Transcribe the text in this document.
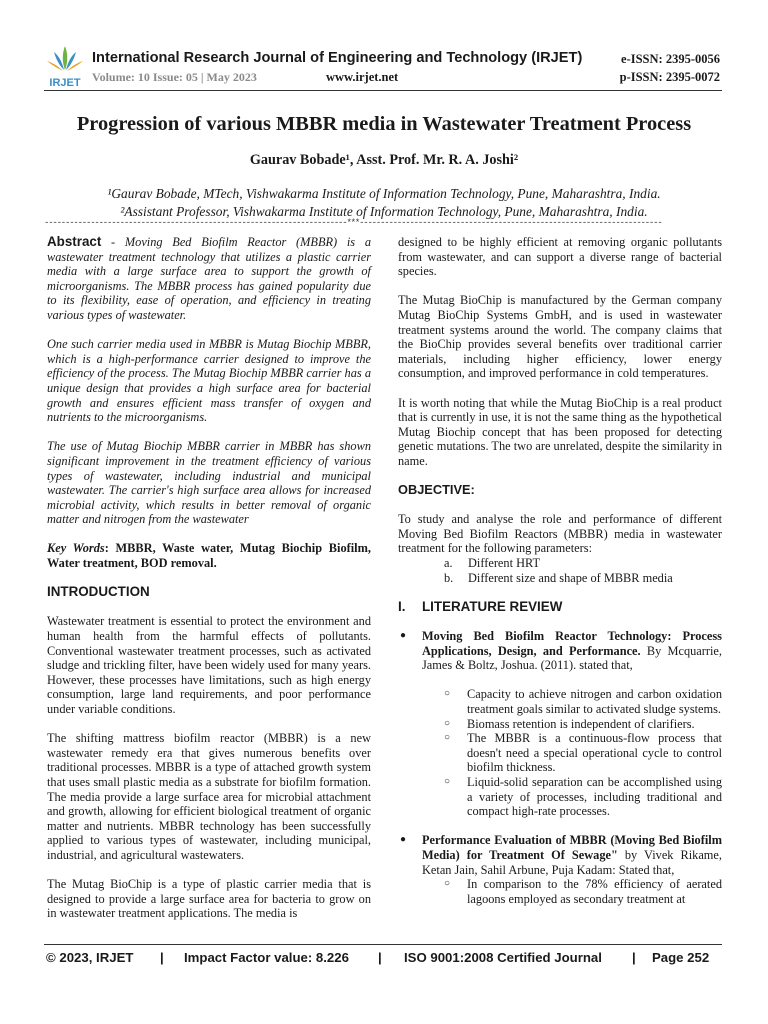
IRJET
International Research Journal of Engineering and Technology (IRJET)
Volume: 10 Issue: 05 | May 2023	www.irjet.net
e-ISSN: 2395-0056
p-ISSN: 2395-0072
Progression of various MBBR media in Wastewater Treatment Process
Gaurav Bobade¹, Asst. Prof. Mr. R. A. Joshi²
¹Gaurav Bobade, MTech, Vishwakarma Institute of Information Technology, Pune, Maharashtra, India.
²Assistant Professor, Vishwakarma Institute of Information Technology, Pune, Maharashtra, India.
------------------------------------------------------------------------***------------------------------------------------------------------------

Abstract - Moving Bed Biofilm Reactor (MBBR) is a wastewater treatment technology that utilizes a plastic carrier media with a large surface area to support the growth of microorganisms. The MBBR process has gained popularity due to its flexibility, ease of operation, and efficiency in treating various types of wastewater.

One such carrier media used in MBBR is Mutag Biochip MBBR, which is a high-performance carrier designed to improve the efficiency of the process. The Mutag Biochip MBBR carrier has a unique design that provides a high surface area for bacterial growth and ensures efficient mass transfer of oxygen and nutrients to the microorganisms.

The use of Mutag Biochip MBBR carrier in MBBR has shown significant improvement in the treatment efficiency of various types of wastewater, including industrial and municipal wastewater. The carrier's high surface area allows for increased microbial activity, which results in better removal of organic matter and nitrogen from the wastewater

Key Words: MBBR, Waste water, Mutag Biochip Biofilm, Water treatment, BOD removal.

INTRODUCTION

Wastewater treatment is essential to protect the environment and human health from the harmful effects of pollutants. Conventional wastewater treatment processes, such as activated sludge and trickling filter, have been widely used for many years. However, these processes have limitations, such as high energy consumption, large land requirements, and poor performance under variable conditions.

The shifting mattress biofilm reactor (MBBR) is a new wastewater remedy era that gives numerous benefits over traditional processes. MBBR is a type of attached growth system that uses small plastic media as a substrate for biofilm formation. The media provide a large surface area for microbial attachment and growth, allowing for efficient biological treatment of organic matter and nutrients. MBBR technology has been successfully applied to various types of wastewater, including municipal, industrial, and agricultural wastewaters.

The Mutag BioChip is a type of plastic carrier media that is designed to provide a large surface area for bacteria to grow on in wastewater treatment applications. The media is

designed to be highly efficient at removing organic pollutants from wastewater, and can support a diverse range of bacterial species.

The Mutag BioChip is manufactured by the German company Mutag BioChip Systems GmbH, and is used in wastewater treatment systems around the world. The company claims that the BioChip provides several benefits over traditional carrier materials, including higher efficiency, lower energy consumption, and improved performance in cold temperatures.

It is worth noting that while the Mutag BioChip is a real product that is currently in use, it is not the same thing as the hypothetical Mutag Biochip concept that has been proposed for detecting genetic mutations. The two are unrelated, despite the similarity in name.

OBJECTIVE:

To study and analyse the role and performance of different Moving Bed Biofilm Reactors (MBBR) media in wastewater treatment for the following parameters:

a.	Different HRT
b.	Different size and shape of MBBR media
I.	LITERATURE REVIEW
●	Moving Bed Biofilm Reactor Technology: Process Applications, Design, and Performance. By Mcquarrie, James & Boltz, Joshua. (2011). stated that,
○	Capacity to achieve nitrogen and carbon oxidation treatment goals similar to activated sludge systems.
○	Biomass retention is independent of clarifiers.
○	The MBBR is a continuous-flow process that doesn't need a special operational cycle to control biofilm thickness.
○	Liquid-solid separation can be accomplished using a variety of processes, including traditional and compact high-rate processes.
●	Performance Evaluation of MBBR (Moving Bed Biofilm Media) for Treatment Of Sewage" by Vivek Rikame, Ketan Jain, Sahil Arbune, Puja Kadam: Stated that,
○	In comparison to the 78% efficiency of aerated lagoons employed as secondary treatment at
© 2023, IRJET | Impact Factor value: 8.226 | ISO 9001:2008 Certified Journal | Page 252
